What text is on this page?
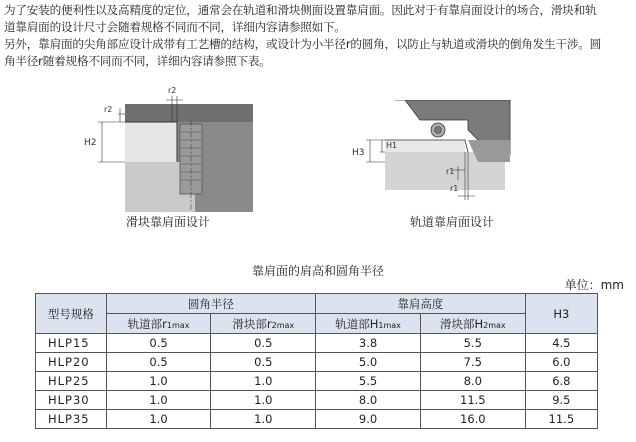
为了安装的便利性以及高精度的定位，通常会在轨道和滑块侧面设置靠肩面。因此对于有靠肩面设计的场合，滑块和轨

道靠肩面的设计尺寸会随着规格不同而不同，详细内容请参照如下。

另外，靠肩面的尖角部应设计成带有工艺槽的结构，或设计为小半径r的圆角，以防止与轨道或滑块的倒角发生干涉。圆

角半径r随着规格不同而不同，详细内容请参照下表。

r2
r2
H2
滑块靠肩面设计
H3
H1
r1
r1
轨道靠肩面设计
靠肩面的肩高和圆角半径
单位：mm
型号规格	圆角半径		靠肩高度		H3
	轨道部r1max	滑块部r2max	轨道部H1max	滑块部H2max	
HLP15	0.5	0.5	3.8	5.5	4.5
HLP20	0.5	0.5	5.0	7.5	6.0
HLP25	1.0	1.0	5.5	8.0	6.8
HLP30	1.0	1.0	8.0	11.5	9.5
HLP35	1.0	1.0	9.0	16.0	11.5
